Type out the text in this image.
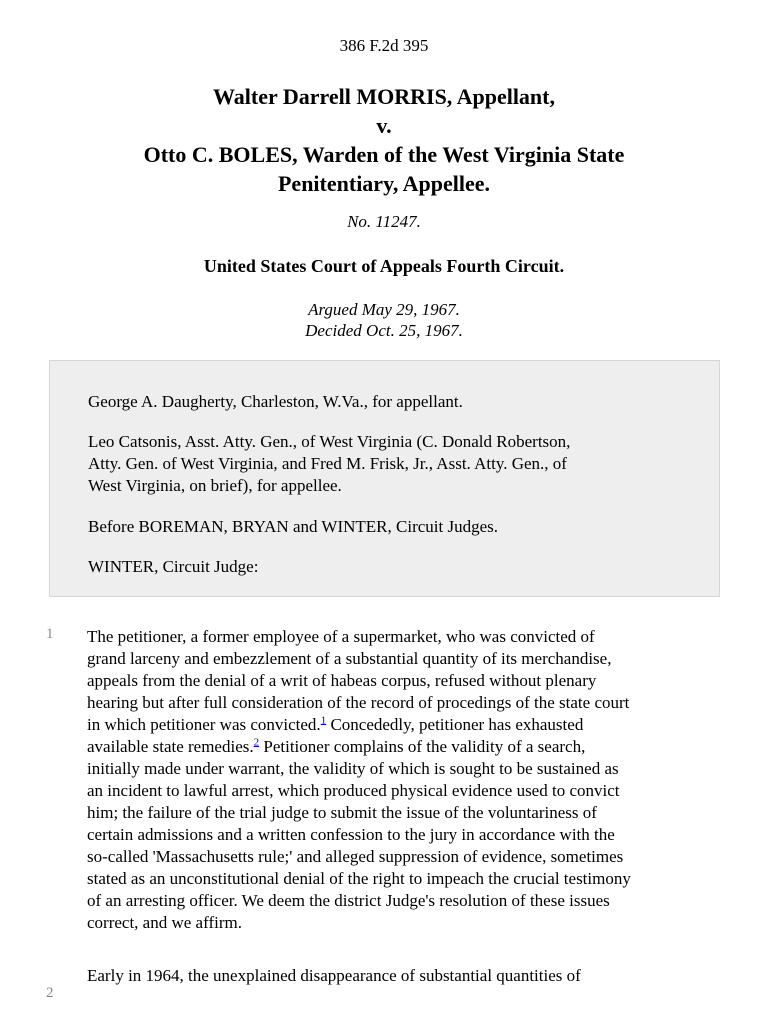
386 F.2d 395
Walter Darrell MORRIS, Appellant,
v.
Otto C. BOLES, Warden of the West Virginia State
Penitentiary, Appellee.
No. 11247.
United States Court of Appeals Fourth Circuit.
Argued May 29, 1967.
Decided Oct. 25, 1967.

George A. Daugherty, Charleston, W.Va., for appellant.

Leo Catsonis, Asst. Atty. Gen., of West Virginia (C. Donald Robertson,
Atty. Gen. of West Virginia, and Fred M. Frisk, Jr., Asst. Atty. Gen., of
West Virginia, on brief), for appellee.

Before BOREMAN, BRYAN and WINTER, Circuit Judges.

WINTER, Circuit Judge:

1 The petitioner, a former employee of a supermarket, who was convicted of
grand larceny and embezzlement of a substantial quantity of its merchandise,
appeals from the denial of a writ of habeas corpus, refused without plenary
hearing but after full consideration of the record of procedings of the state court
in which petitioner was convicted.$^1$ Concededly, petitioner has exhausted
available state remedies.$^2$ Petitioner complains of the validity of a search,
initially made under warrant, the validity of which is sought to be sustained as
an incident to lawful arrest, which produced physical evidence used to convict
him; the failure of the trial judge to submit the issue of the voluntariness of
certain admissions and a written confession to the jury in accordance with the
so-called 'Massachusetts rule;' and alleged suppression of evidence, sometimes
stated as an unconstitutional denial of the right to impeach the crucial testimony
of an arresting officer. We deem the district Judge's resolution of these issues
correct, and we affirm.
2
Early in 1964, the unexplained disappearance of substantial quantities of
